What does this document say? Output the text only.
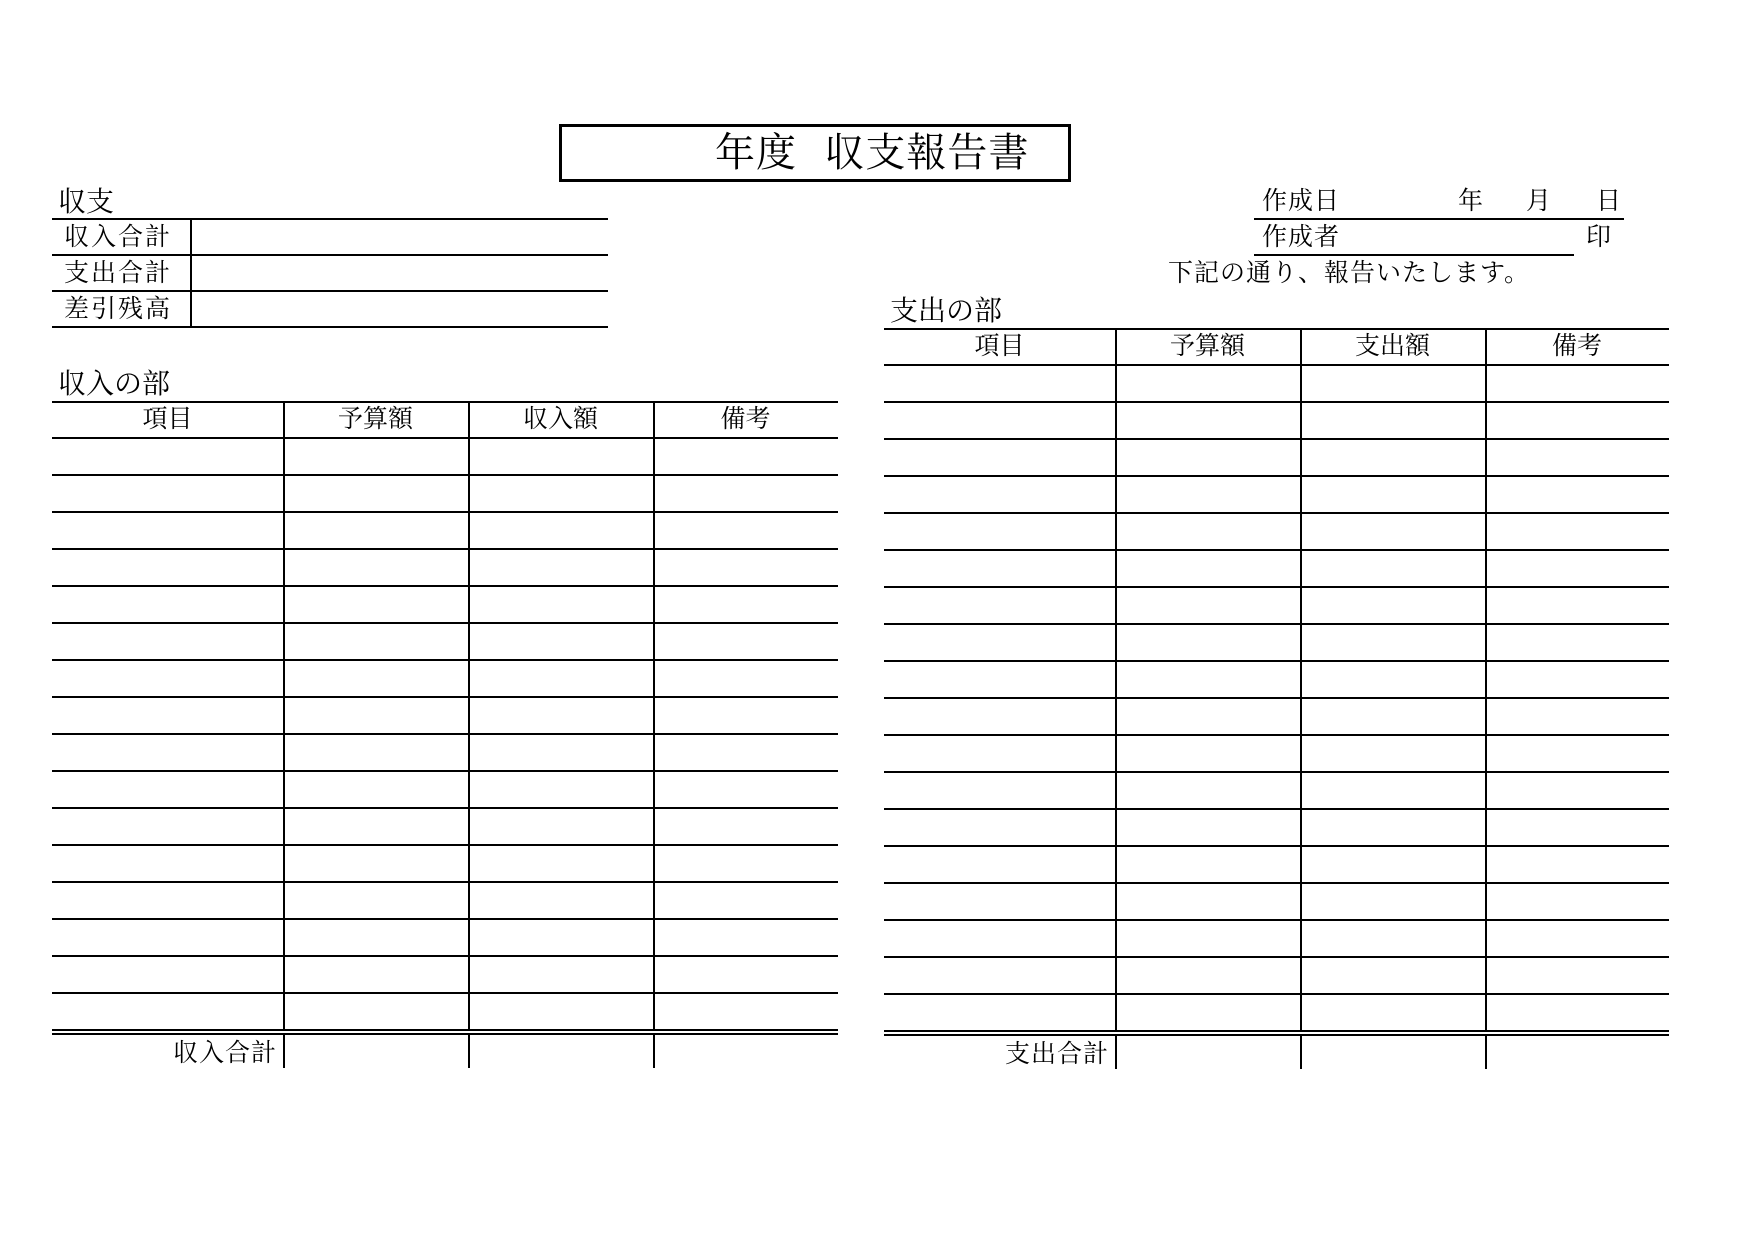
年度  収支報告書
収支
収入合計
支出合計
差引残高
作成日	年 月 日
作成者	印
下記の通り、報告いたします。
収入の部
項目	予算額	収入額	備考
収入合計
支出の部
項目	予算額	支出額	備考
支出合計
